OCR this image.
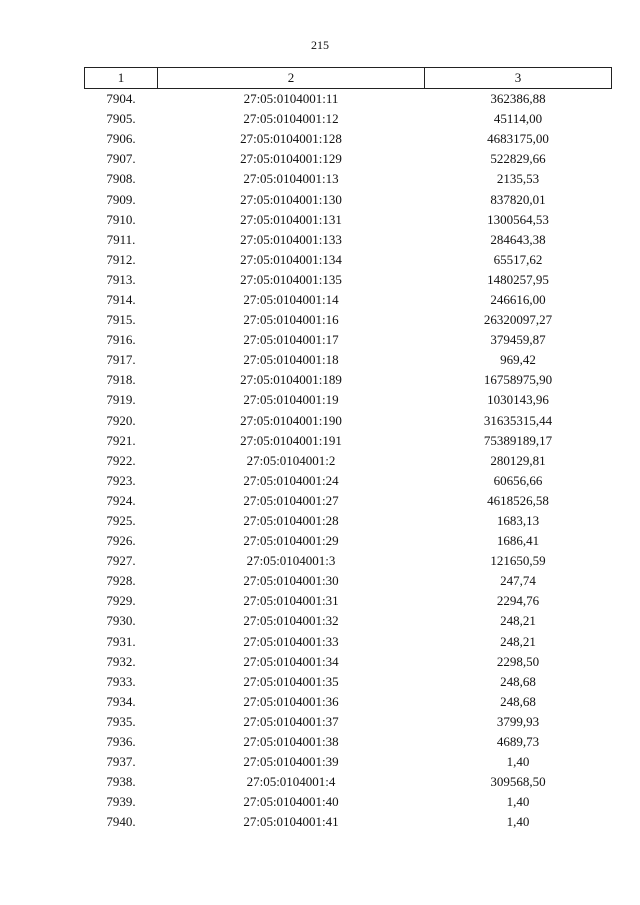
215
1	2	3
7904.	27:05:0104001:11	362386,88
7905.	27:05:0104001:12	45114,00
7906.	27:05:0104001:128	4683175,00
7907.	27:05:0104001:129	522829,66
7908.	27:05:0104001:13	2135,53
7909.	27:05:0104001:130	837820,01
7910.	27:05:0104001:131	1300564,53
7911.	27:05:0104001:133	284643,38
7912.	27:05:0104001:134	65517,62
7913.	27:05:0104001:135	1480257,95
7914.	27:05:0104001:14	246616,00
7915.	27:05:0104001:16	26320097,27
7916.	27:05:0104001:17	379459,87
7917.	27:05:0104001:18	969,42
7918.	27:05:0104001:189	16758975,90
7919.	27:05:0104001:19	1030143,96
7920.	27:05:0104001:190	31635315,44
7921.	27:05:0104001:191	75389189,17
7922.	27:05:0104001:2	280129,81
7923.	27:05:0104001:24	60656,66
7924.	27:05:0104001:27	4618526,58
7925.	27:05:0104001:28	1683,13
7926.	27:05:0104001:29	1686,41
7927.	27:05:0104001:3	121650,59
7928.	27:05:0104001:30	247,74
7929.	27:05:0104001:31	2294,76
7930.	27:05:0104001:32	248,21
7931.	27:05:0104001:33	248,21
7932.	27:05:0104001:34	2298,50
7933.	27:05:0104001:35	248,68
7934.	27:05:0104001:36	248,68
7935.	27:05:0104001:37	3799,93
7936.	27:05:0104001:38	4689,73
7937.	27:05:0104001:39	1,40
7938.	27:05:0104001:4	309568,50
7939.	27:05:0104001:40	1,40
7940.	27:05:0104001:41	1,40
